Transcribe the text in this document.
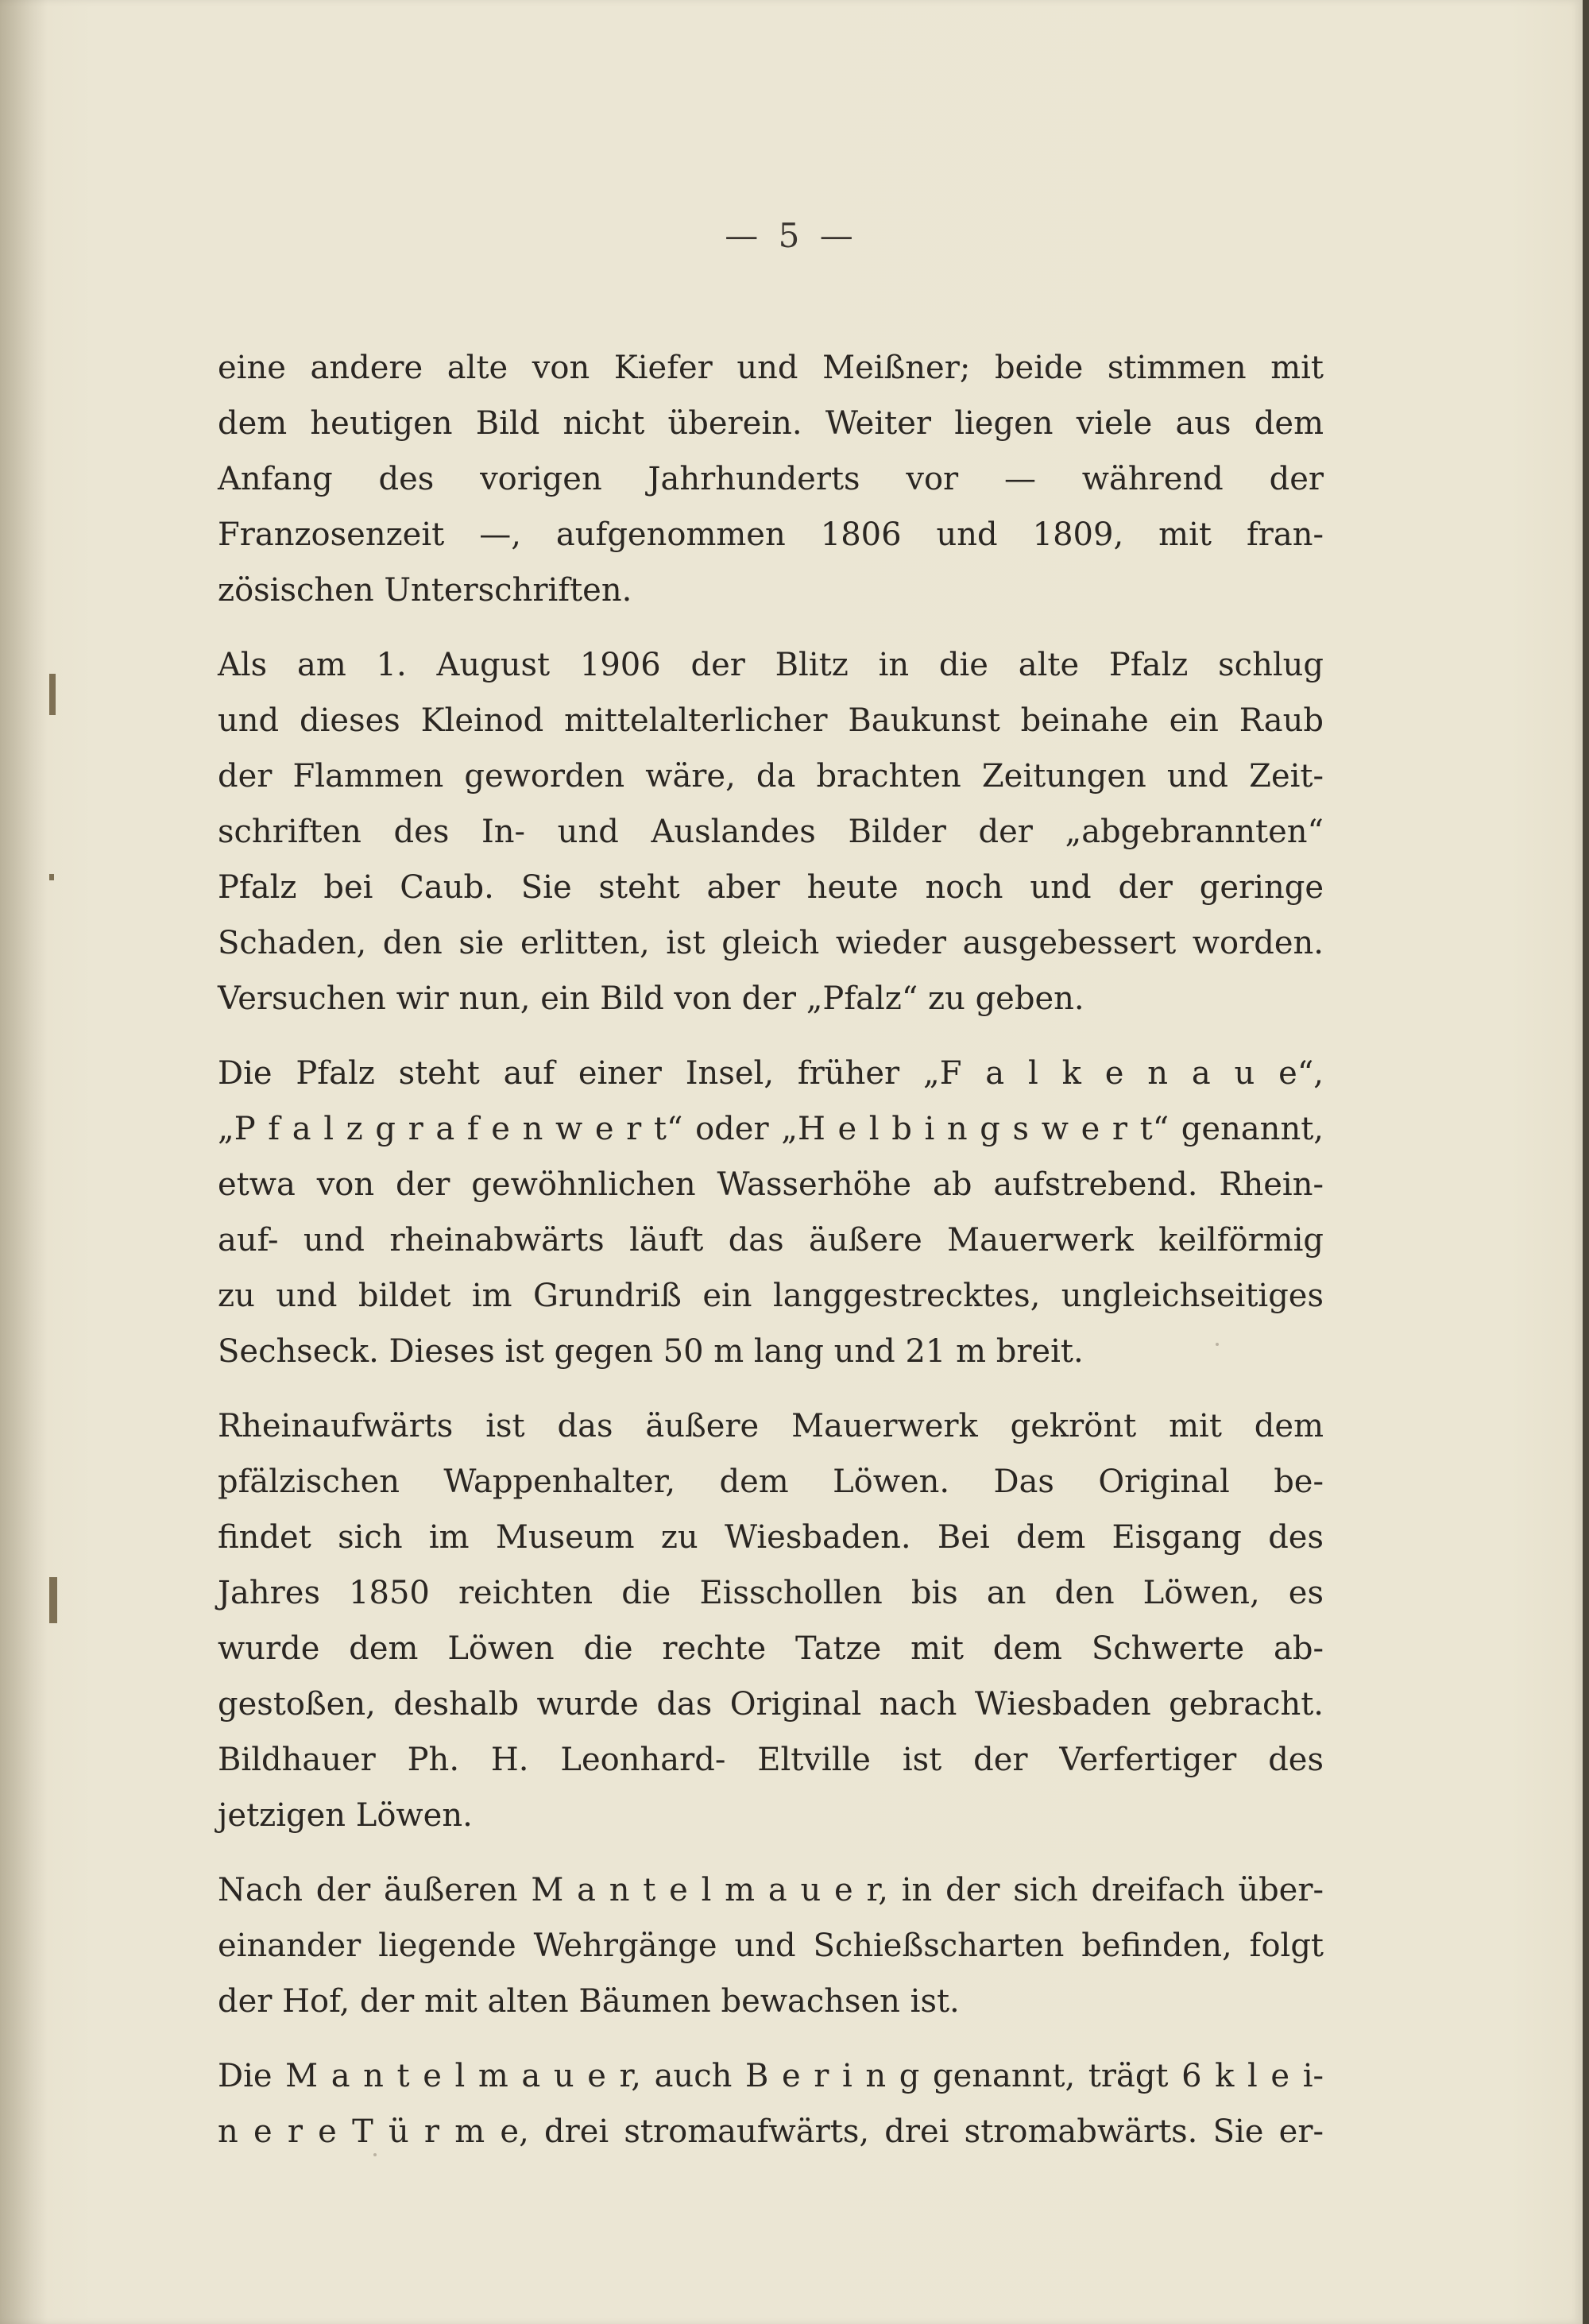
— 5 —
eine andere alte von Kiefer und Meißner; beide stimmen mit
dem heutigen Bild nicht überein. Weiter liegen viele aus dem
Anfang des vorigen Jahrhunderts vor — während der
Franzosenzeit —, aufgenommen 1806 und 1809, mit fran-
zösischen Unterschriften.
Als am 1. August 1906 der Blitz in die alte Pfalz schlug
und dieses Kleinod mittelalterlicher Baukunst beinahe ein Raub
der Flammen geworden wäre, da brachten Zeitungen und Zeit-
schriften des In- und Auslandes Bilder der „abgebrannten“
Pfalz bei Caub. Sie steht aber heute noch und der geringe
Schaden, den sie erlitten, ist gleich wieder ausgebessert worden.
Versuchen wir nun, ein Bild von der „Pfalz“ zu geben.
Die Pfalz steht auf einer Insel, früher „F a l k e n a u e“,
„P f a l z g r a f e n w e r t“ oder „H e l b i n g s w e r t“ genannt,
etwa von der gewöhnlichen Wasserhöhe ab aufstrebend. Rhein-
auf- und rheinabwärts läuft das äußere Mauerwerk keilförmig
zu und bildet im Grundriß ein langgestrecktes, ungleichseitiges
Sechseck. Dieses ist gegen 50 m lang und 21 m breit.
Rheinaufwärts ist das äußere Mauerwerk gekrönt mit dem
pfälzischen Wappenhalter, dem Löwen. Das Original be-
findet sich im Museum zu Wiesbaden. Bei dem Eisgang des
Jahres 1850 reichten die Eisschollen bis an den Löwen, es
wurde dem Löwen die rechte Tatze mit dem Schwerte ab-
gestoßen, deshalb wurde das Original nach Wiesbaden gebracht.
Bildhauer Ph. H. Leonhard- Eltville ist der Verfertiger des
jetzigen Löwen.
Nach der äußeren M a n t e l m a u e r, in der sich dreifach über-
einander liegende Wehrgänge und Schießscharten befinden, folgt
der Hof, der mit alten Bäumen bewachsen ist.
Die M a n t e l m a u e r, auch B e r i n g genannt, trägt 6 k l e i-
n e r e T ü r m e, drei stromaufwärts, drei stromabwärts. Sie er-
